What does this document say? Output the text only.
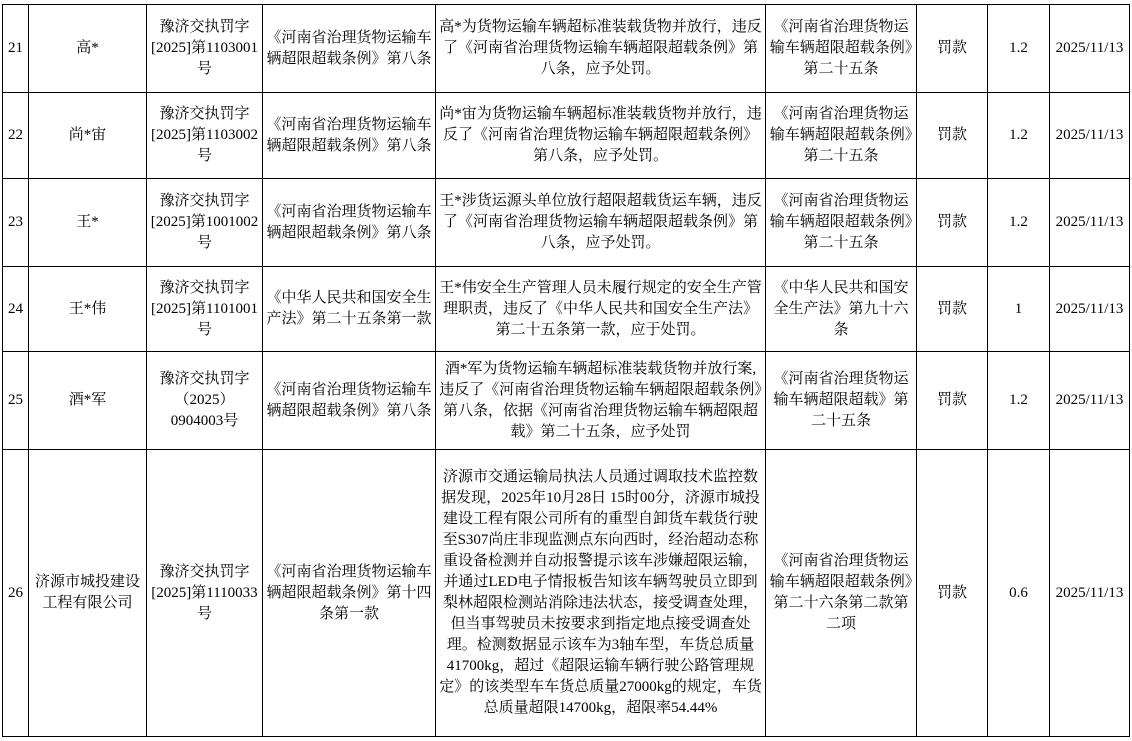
21	高*	豫济交执罚字[2025]第1103001号	《河南省治理货物运输车辆超限超载条例》第八条	高*为货物运输车辆超标准装载货物并放行，违反了《河南省治理货物运输车辆超限超载条例》第八条，应予处罚。	《河南省治理货物运输车辆超限超载条例》第二十五条	罚款	1.2	2025/11/13
22	尚*宙	豫济交执罚字[2025]第1103002号	《河南省治理货物运输车辆超限超载条例》第八条	尚*宙为货物运输车辆超标准装载货物并放行，违反了《河南省治理货物运输车辆超限超载条例》第八条，应予处罚。	《河南省治理货物运输车辆超限超载条例》第二十五条	罚款	1.2	2025/11/13
23	王*	豫济交执罚字[2025]第1001002号	《河南省治理货物运输车辆超限超载条例》第八条	王*涉货运源头单位放行超限超载货运车辆，违反了《河南省治理货物运输车辆超限超载条例》第八条，应予处罚。	《河南省治理货物运输车辆超限超载条例》第二十五条	罚款	1.2	2025/11/13
24	王*伟	豫济交执罚字[2025]第1101001号	《中华人民共和国安全生产法》第二十五条第一款	王*伟安全生产管理人员未履行规定的安全生产管理职责，违反了《中华人民共和国安全生产法》第二十五条第一款，应于处罚。	《中华人民共和国安全生产法》第九十六条	罚款	1	2025/11/13
25	酒*军	豫济交执罚字（2025）0904003号	《河南省治理货物运输车辆超限超载条例》第八条	酒*军为货物运输车辆超标准装载货物并放行案,违反了《河南省治理货物运输车辆超限超载条例》第八条，依据《河南省治理货物运输车辆超限超载》第二十五条，应予处罚	《河南省治理货物运输车辆超限超载》第二十五条	罚款	1.2	2025/11/13
26	济源市城投建设工程有限公司	豫济交执罚字[2025]第1110033号	《河南省治理货物运输车辆超限超载条例》第十四条第一款	济源市交通运输局执法人员通过调取技术监控数据发现，2025年10月28日 15时00分，济源市城投建设工程有限公司所有的重型自卸货车载货行驶至S307尚庄非现监测点东向西时，经治超动态称重设备检测并自动报警提示该车涉嫌超限运输，并通过LED电子情报板告知该车辆驾驶员立即到梨林超限检测站消除违法状态，接受调查处理，但当事驾驶员未按要求到指定地点接受调查处理。检测数据显示该车为3轴车型，车货总质量41700kg，超过《超限运输车辆行驶公路管理规定》的该类型车车货总质量27000kg的规定，车货总质量超限14700kg，超限率54.44%	《河南省治理货物运输车辆超限超载条例》第二十六条第二款第二项	罚款	0.6	2025/11/13
